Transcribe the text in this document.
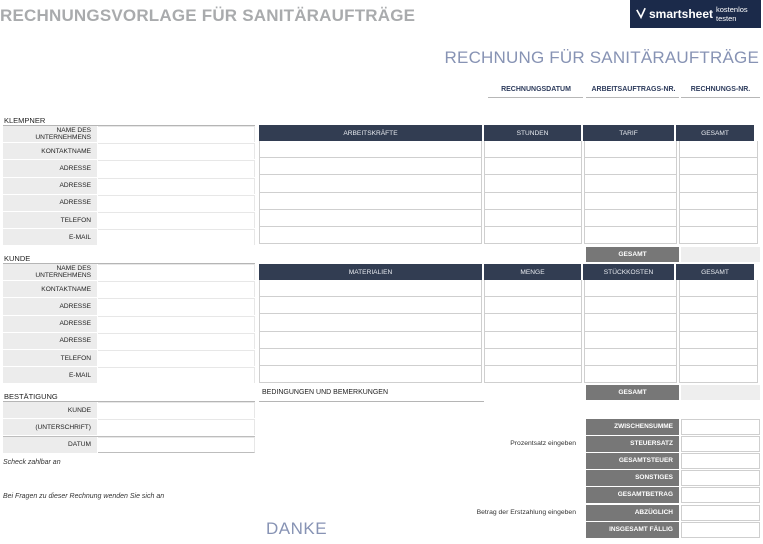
RECHNUNGSVORLAGE FÜR SANITÄRAUFTRÄGE	smartsheet kostenlos testen
RECHNUNG FÜR SANITÄRAUFTRÄGE
RECHNUNGSDATUM	ARBEITSAUFTRAGS-NR.	RECHNUNGS-NR.
KLEMPNER
NAME DES UNTERNEHMENS
KONTAKTNAME
ADRESSE
ADRESSE
ADRESSE
TELEFON
E-MAIL
KUNDE
NAME DES UNTERNEHMENS
KONTAKTNAME
ADRESSE
ADRESSE
ADRESSE
TELEFON
E-MAIL
BESTÄTIGUNG
KUNDE
(UNTERSCHRIFT)
DATUM
Scheck zahlbar an
Bei Fragen zu dieser Rechnung wenden Sie sich an
ARBEITSKRÄFTE	STUNDEN	TARIF	GESAMT
GESAMT
MATERIALIEN	MENGE	STÜCKKOSTEN	GESAMT
GESAMT
BEDINGUNGEN UND BEMERKUNGEN
ZWISCHENSUMME
Prozentsatz eingeben	STEUERSATZ
GESAMTSTEUER
SONSTIGES
GESAMTBETRAG
Betrag der Erstzahlung eingeben	ABZÜGLICH
INSGESAMT FÄLLIG
DANKE
